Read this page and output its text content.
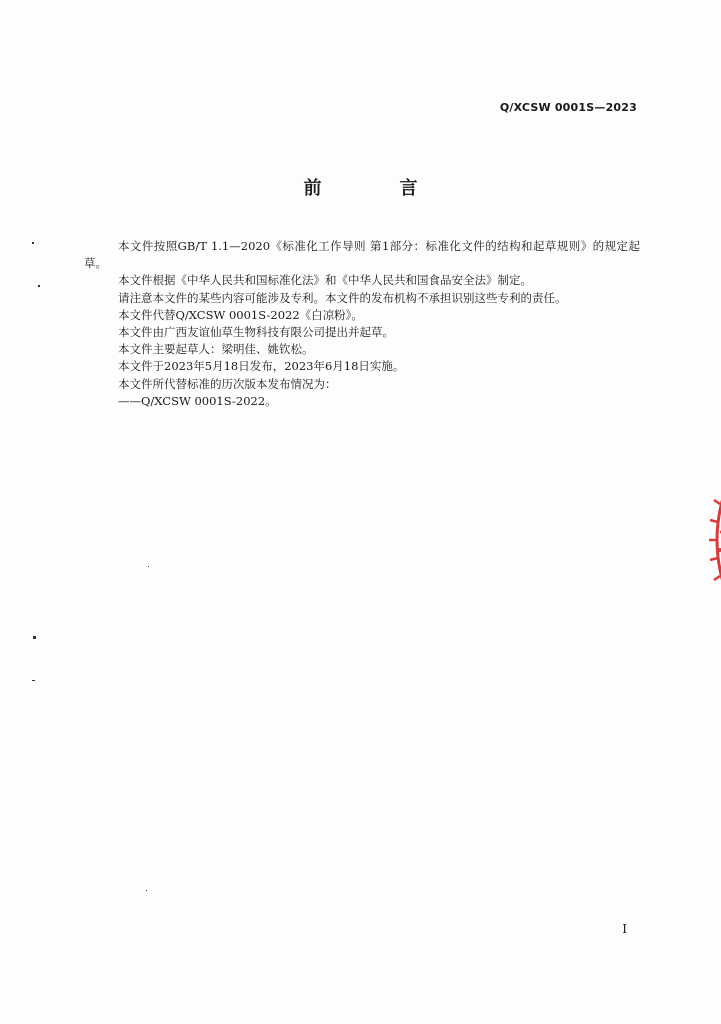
Q/XCSW 0001S—2023
前　言

本文件按照GB/T 1.1—2020《标准化工作导则 第1部分：标准化文件的结构和起草规则》的规定起草。

本文件根据《中华人民共和国标准化法》和《中华人民共和国食品安全法》制定。

请注意本文件的某些内容可能涉及专利。本文件的发布机构不承担识别这些专利的责任。

本文件代替Q/XCSW 0001S-2022《白凉粉》。

本文件由广西友谊仙草生物科技有限公司提出并起草。

本文件主要起草人：梁明佳、姚钦松。

本文件于2023年5月18日发布，2023年6月18日实施。

本文件所代替标准的历次版本发布情况为：

——Q/XCSW 0001S-2022。

I
